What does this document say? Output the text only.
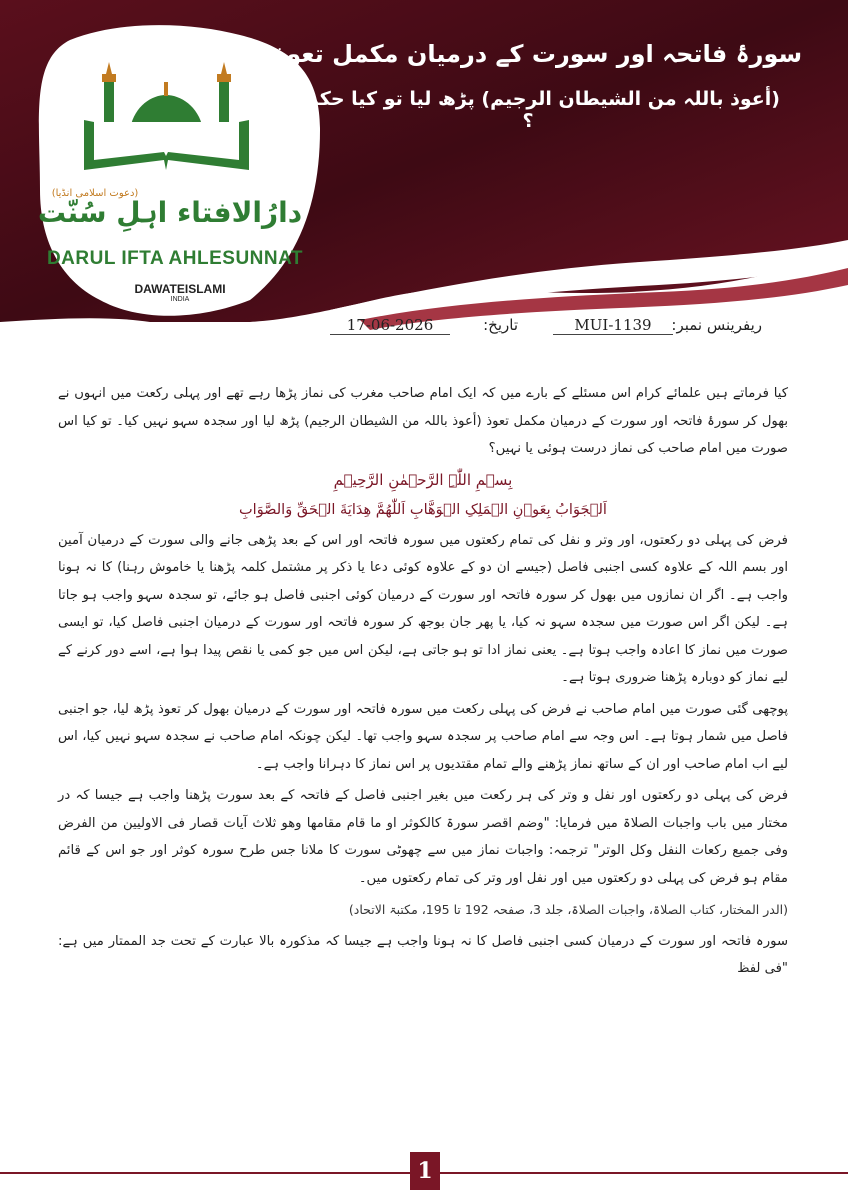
(دعوت اسلامی انڈیا)
دارُالافتاء اہلِ سُنّت
DARUL IFTA AHLESUNNAT
DAWATEISLAMI
INDIA
سورۂ فاتحہ اور سورت کے درمیان مکمل تعوذ
(أعوذ باللہ من الشیطان الرجیم) پڑھ لیا تو کیا حکم ہے ؟
ریفرینس نمبر:
MUI-1139
تاریخ:
17-06-2026

کیا فرماتے ہیں علمائے کرام اس مسئلے کے بارے میں کہ ایک امام صاحب مغرب کی نماز پڑھا رہے تھے اور پہلی رکعت میں انہوں نے بھول کر سورۂ فاتحہ اور سورت کے درمیان مکمل تعوذ (أعوذ باللہ من الشیطان الرجیم) پڑھ لیا اور سجدہ سہو نہیں کیا۔ تو کیا اس صورت میں امام صاحب کی نماز درست ہوئی یا نہیں؟

بِسۡمِ اللّٰہِ الرَّحۡمٰنِ الرَّحِیۡمِ

اَلۡجَوَابُ بِعَوۡنِ الۡمَلِکِ الۡوَهَّابِ اَللّٰهُمَّ هِدَايَةَ الۡحَقِّ وَالصَّوَابِ

فرض کی پہلی دو رکعتوں، اور وتر و نفل کی تمام رکعتوں میں سورہ فاتحہ اور اس کے بعد پڑھی جانے والی سورت کے درمیان آمین اور بسم اللہ کے علاوہ کسی اجنبی فاصل (جیسے ان دو کے علاوہ کوئی دعا یا ذکر پر مشتمل کلمہ پڑھنا یا خاموش رہنا) کا نہ ہونا واجب ہے۔ اگر ان نمازوں میں بھول کر سورہ فاتحہ اور سورت کے درمیان کوئی اجنبی فاصل ہو جائے، تو سجدہ سہو واجب ہو جاتا ہے۔ لیکن اگر اس صورت میں سجدہ سہو نہ کیا، یا پھر جان بوجھ کر سورہ فاتحہ اور سورت کے درمیان اجنبی فاصل کیا، تو ایسی صورت میں نماز کا اعادہ واجب ہوتا ہے۔ یعنی نماز ادا تو ہو جاتی ہے، لیکن اس میں جو کمی یا نقص پیدا ہوا ہے، اسے دور کرنے کے لیے نماز کو دوبارہ پڑھنا ضروری ہوتا ہے۔

پوچھی گئی صورت میں امام صاحب نے فرض کی پہلی رکعت میں سورہ فاتحہ اور سورت کے درمیان بھول کر تعوذ پڑھ لیا، جو اجنبی فاصل میں شمار ہوتا ہے۔ اس وجہ سے امام صاحب پر سجدہ سہو واجب تھا۔ لیکن چونکہ امام صاحب نے سجدہ سہو نہیں کیا، اس لیے اب امام صاحب اور ان کے ساتھ نماز پڑھنے والے تمام مقتدیوں پر اس نماز کا دہرانا واجب ہے۔

فرض کی پہلی دو رکعتوں اور نفل و وتر کی ہر رکعت میں بغیر اجنبی فاصل کے فاتحہ کے بعد سورت پڑھنا واجب ہے جیسا کہ در مختار میں باب واجبات الصلاۃ میں فرمایا: "وضم اقصر سورۃ کالکوثر او ما قام مقامھا وھو ثلاث آیات قصار فی الاولیین من الفرض وفی جمیع رکعات النفل وکل الوتر" ترجمہ: واجبات نماز میں سے چھوٹی سورت کا ملانا جس طرح سورہ کوثر اور جو اس کے قائم مقام ہو فرض کی پہلی دو رکعتوں میں اور نفل اور وتر کی تمام رکعتوں میں۔

(الدر المختار، کتاب الصلاۃ، واجبات الصلاۃ، جلد 3، صفحہ 192 تا 195، مکتبۃ الاتحاد)

سورہ فاتحہ اور سورت کے درمیان کسی اجنبی فاصل کا نہ ہونا واجب ہے جیسا کہ مذکورہ بالا عبارت کے تحت جد الممتار میں ہے: "فی لفظ

1
